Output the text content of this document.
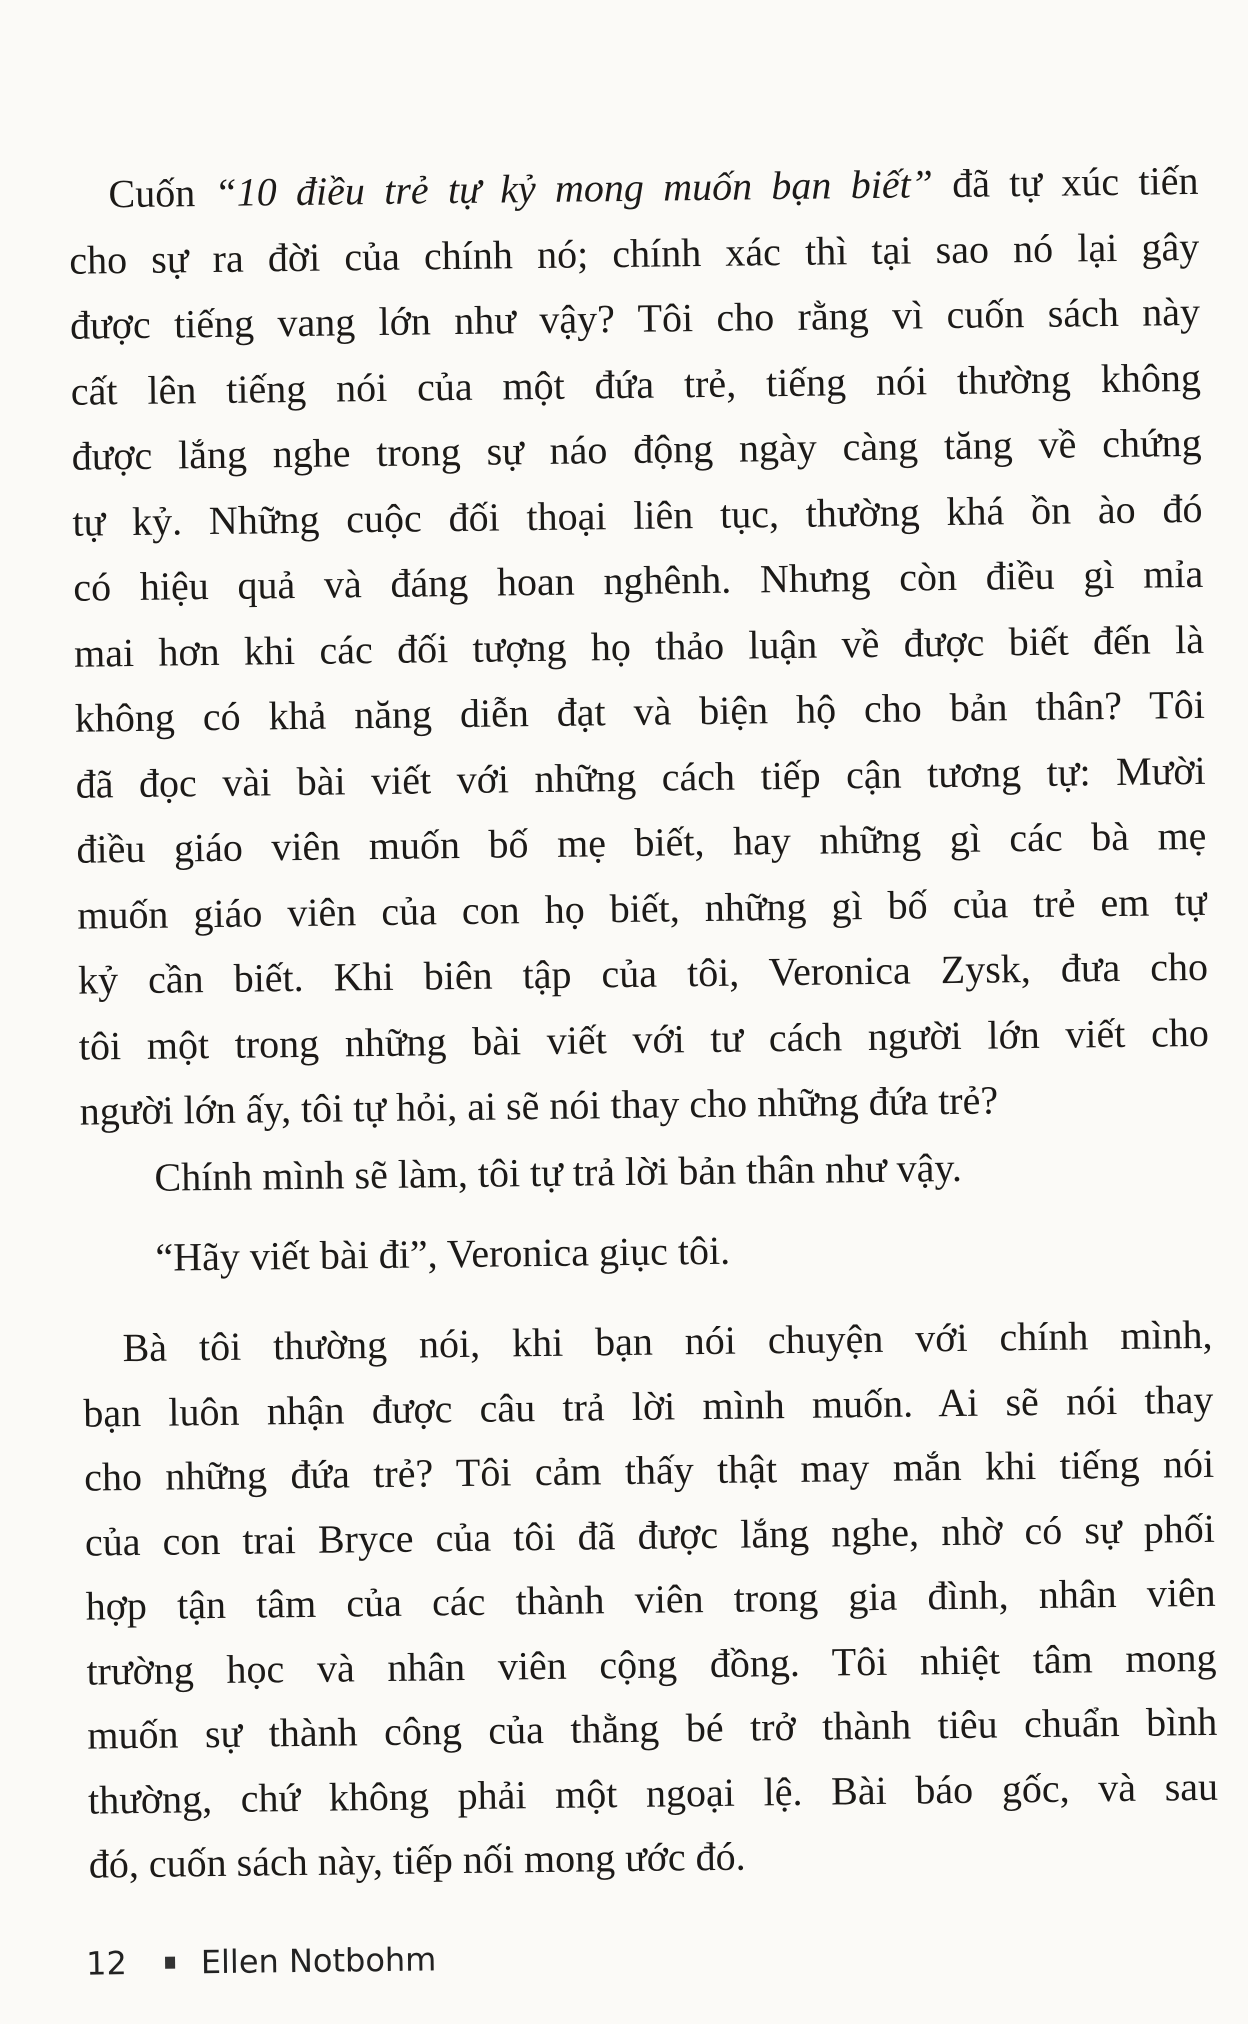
Cuốn “10 điều trẻ tự kỷ mong muốn bạn biết” đã tự xúc tiến
cho sự ra đời của chính nó; chính xác thì tại sao nó lại gây
được tiếng vang lớn như vậy? Tôi cho rằng vì cuốn sách này
cất lên tiếng nói của một đứa trẻ, tiếng nói thường không
được lắng nghe trong sự náo động ngày càng tăng về chứng
tự kỷ. Những cuộc đối thoại liên tục, thường khá ồn ào đó
có hiệu quả và đáng hoan nghênh. Nhưng còn điều gì mỉa
mai hơn khi các đối tượng họ thảo luận về được biết đến là
không có khả năng diễn đạt và biện hộ cho bản thân? Tôi
đã đọc vài bài viết với những cách tiếp cận tương tự: Mười
điều giáo viên muốn bố mẹ biết, hay những gì các bà mẹ
muốn giáo viên của con họ biết, những gì bố của trẻ em tự
kỷ cần biết. Khi biên tập của tôi, Veronica Zysk, đưa cho
tôi một trong những bài viết với tư cách người lớn viết cho
người lớn ấy, tôi tự hỏi, ai sẽ nói thay cho những đứa trẻ?
Chính mình sẽ làm, tôi tự trả lời bản thân như vậy.
“Hãy viết bài đi”, Veronica giục tôi.
Bà tôi thường nói, khi bạn nói chuyện với chính mình,
bạn luôn nhận được câu trả lời mình muốn. Ai sẽ nói thay
cho những đứa trẻ? Tôi cảm thấy thật may mắn khi tiếng nói
của con trai Bryce của tôi đã được lắng nghe, nhờ có sự phối
hợp tận tâm của các thành viên trong gia đình, nhân viên
trường học và nhân viên cộng đồng. Tôi nhiệt tâm mong
muốn sự thành công của thằng bé trở thành tiêu chuẩn bình
thường, chứ không phải một ngoại lệ. Bài báo gốc, và sau
đó, cuốn sách này, tiếp nối mong ước đó.
12 Ellen Notbohm
